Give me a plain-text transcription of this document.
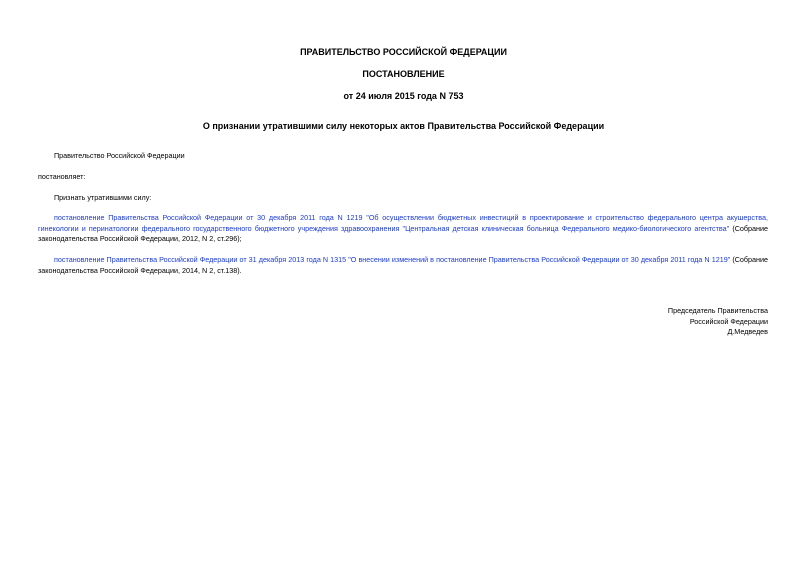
ПРАВИТЕЛЬСТВО РОССИЙСКОЙ ФЕДЕРАЦИИ
ПОСТАНОВЛЕНИЕ
от 24 июля 2015 года N 753
О признании утратившими силу некоторых актов Правительства Российской Федерации
Правительство Российской Федерации
постановляет:
Признать утратившими силу:
постановление Правительства Российской Федерации от 30 декабря 2011 года N 1219 "Об осуществлении бюджетных инвестиций в проектирование и строительство федерального центра акушерства, гинекологии и перинатологии федерального государственного бюджетного учреждения здравоохранения "Центральная детская клиническая больница Федерального медико-биологического агентства" (Собрание законодательства Российской Федерации, 2012, N 2, ст.296);
постановление Правительства Российской Федерации от 31 декабря 2013 года N 1315 "О внесении изменений в постановление Правительства Российской Федерации от 30 декабря 2011 года N 1219" (Собрание законодательства Российской Федерации, 2014, N 2, ст.138).
Председатель Правительства
Российской Федерации
Д.Медведев
